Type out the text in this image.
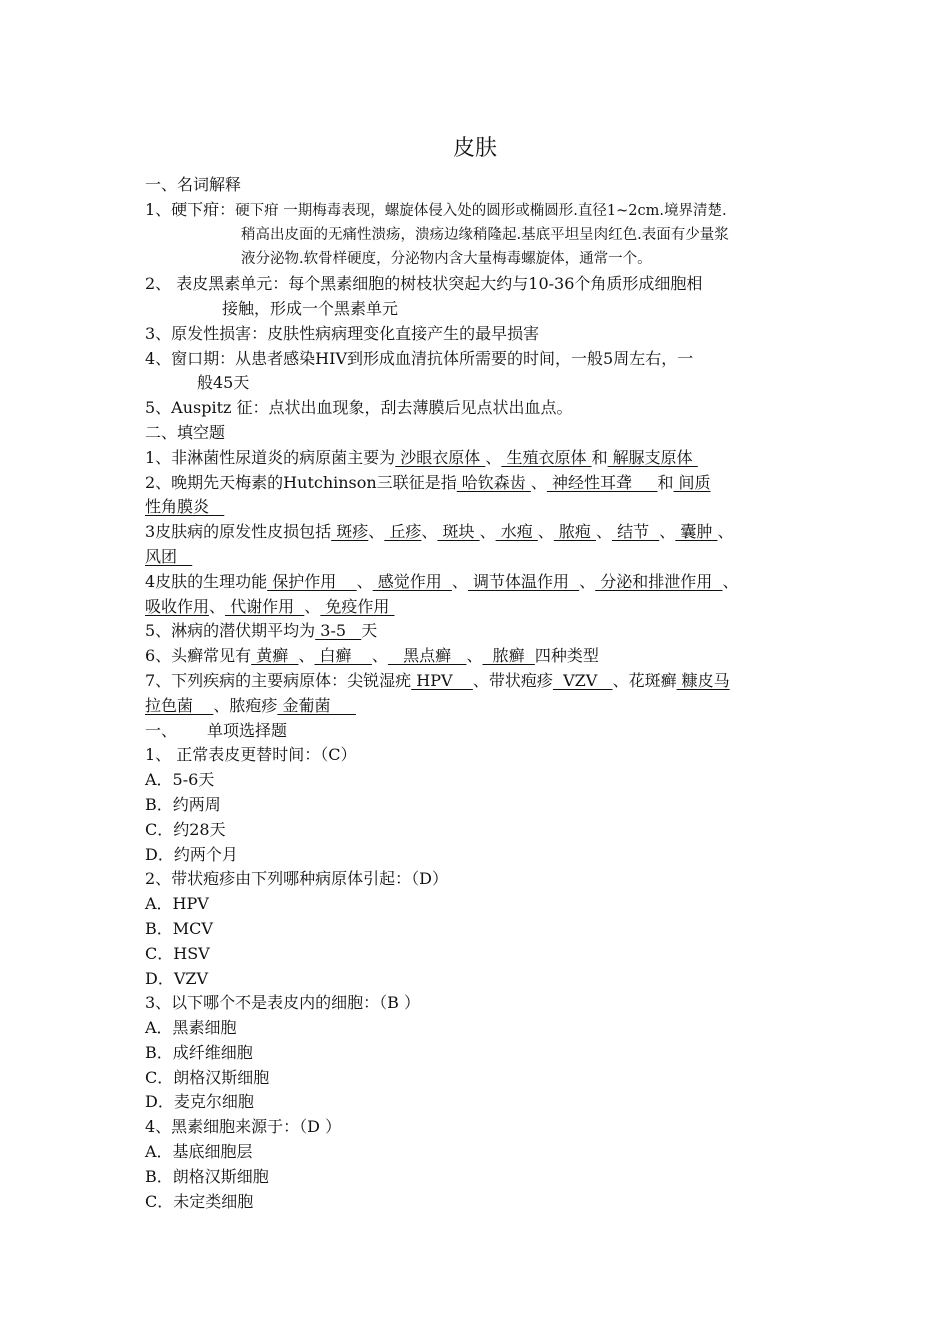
皮肤
一、名词解释
1、硬下疳：硬下疳 一期梅毒表现，螺旋体侵入处的圆形或椭圆形.直径1~2cm.境界清楚.
稍高出皮面的无痛性溃疡，溃疡边缘稍隆起.基底平坦呈肉红色.表面有少量浆
液分泌物.软骨样硬度，分泌物内含大量梅毒螺旋体，通常一个。
2、 表皮黑素单元：每个黑素细胞的树枝状突起大约与10-36个角质形成细胞相
接触，形成一个黑素单元
3、原发性损害：皮肤性病病理变化直接产生的最早损害
4、窗口期：从患者感染HIV到形成血清抗体所需要的时间，一般5周左右，一
般45天
5、Auspitz 征：点状出血现象，刮去薄膜后见点状出血点。
二、填空题
1、非淋菌性尿道炎的病原菌主要为 沙眼衣原体 、 生殖衣原体 和 解脲支原体
2、晚期先天梅素的Hutchinson三联征是指 哈钦森齿 、 神经性耳聋     和 间质
性角膜炎
3皮肤病的原发性皮损包括 斑疹、 丘疹、 斑块 、 水疱 、 脓疱 、 结节  、 囊肿 、
风团
4皮肤的生理功能 保护作用    、 感觉作用  、 调节体温作用  、 分泌和排泄作用  、
吸收作用、 代谢作用  、 免疫作用
5、淋病的潜伏期平均为 3-5   天
6、头癣常见有 黄癣  、 白癣    、   黑点癣   、  脓癣  四种类型
7、下列疾病的主要病原体：尖锐湿疣 HPV    、带状疱疹  VZV   、花斑癣 糠皮马
拉色菌    、脓疱疹 金葡菌
一、 单项选择题
1、 正常表皮更替时间：（C）
A．5-6天
B．约两周
C．约28天
D．约两个月
2、带状疱疹由下列哪种病原体引起：（D）
A．HPV
B．MCV
C．HSV
D．VZV
3、以下哪个不是表皮内的细胞：（B ）
A．黑素细胞
B．成纤维细胞
C．朗格汉斯细胞
D．麦克尔细胞
4、黑素细胞来源于：（D ）
A．基底细胞层
B．朗格汉斯细胞
C．未定类细胞
